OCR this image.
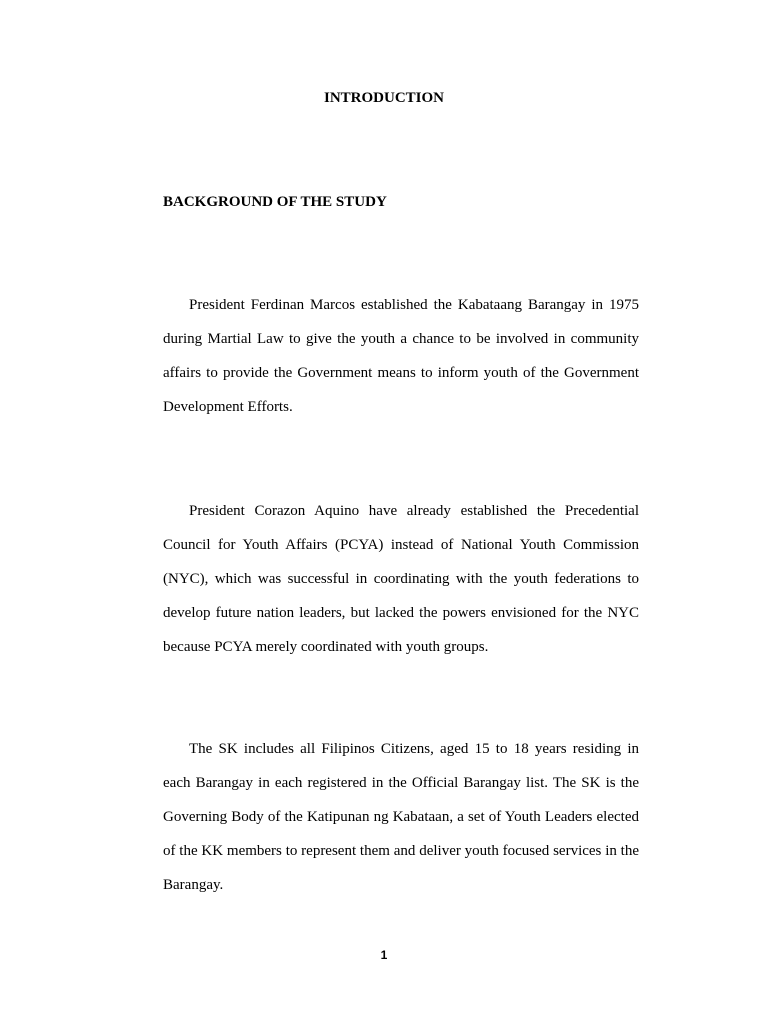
INTRODUCTION
BACKGROUND OF THE STUDY

President Ferdinan Marcos established the Kabataang Barangay in 1975 during Martial Law to give the youth a chance to be involved in community affairs to provide the Government means to inform youth of the Government Development Efforts.

President Corazon Aquino have already established the Precedential Council for Youth Affairs (PCYA) instead of National Youth Commission (NYC), which was successful in coordinating with the youth federations to develop future nation leaders, but lacked the powers envisioned for the NYC because PCYA merely coordinated with youth groups.

The SK includes all Filipinos Citizens, aged 15 to 18 years residing in each Barangay in each registered in the Official Barangay list. The SK is the Governing Body of the Katipunan ng Kabataan, a set of Youth Leaders elected of the KK members to represent them and deliver youth focused services in the Barangay.

1
